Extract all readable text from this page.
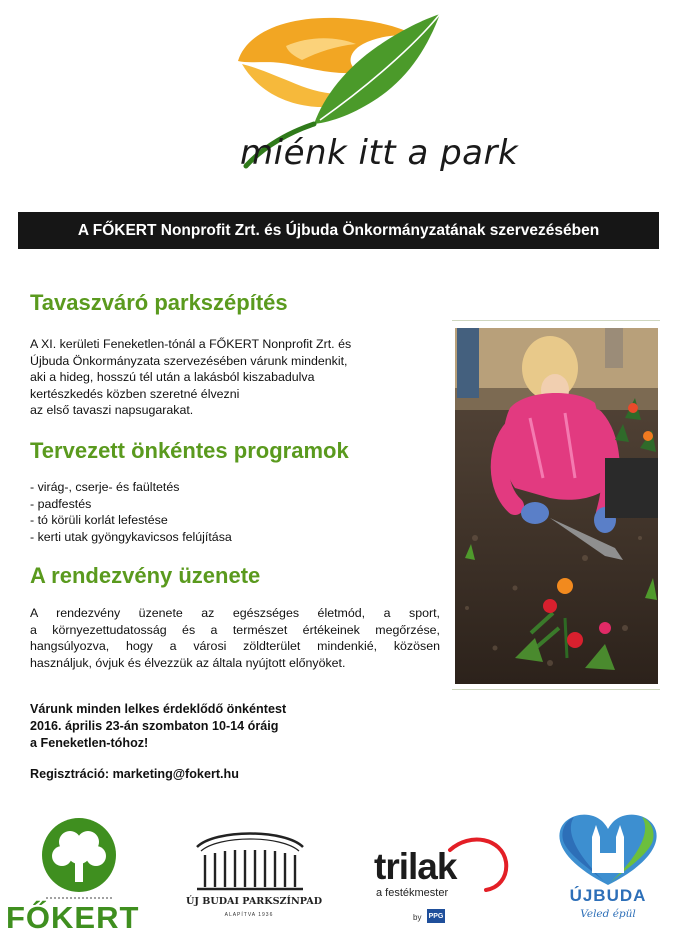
miénk itt a park
A FŐKERT Nonprofit Zrt. és Újbuda Önkormányzatának szervezésében
Tavaszváró parkszépítés
A XI. kerületi Feneketlen-tónál a FŐKERT Nonprofit Zrt. és
Újbuda Önkormányzata szervezésében várunk mindenkit,
aki a hideg, hosszú tél után a lakásból kiszabadulva
kertészkedés közben szeretné élvezni
az első tavaszi napsugarakat.
Tervezett önkéntes programok
- virág-, cserje- és faültetés
- padfestés
- tó körüli korlát lefestése
- kerti utak gyöngykavicsos felújítása
A rendezvény üzenete
A rendezvény üzenete az egészséges életmód, a sport,
a környezettudatosság és a természet értékeinek megőrzése,
hangsúlyozva, hogy a városi zöldterület mindenkié, közösen
használjuk, óvjuk és élvezzük az általa nyújtott előnyöket.
Várunk minden lelkes érdeklődő önkéntest
2016. április 23-án szombaton 10-14 óráig
a Feneketlen-tóhoz!
Regisztráció: marketing@fokert.hu
FŐKERT	ÚJ BUDAI PARKSZÍNPAD
ALAPÍTVA 1936
trilak
a festékmester
by PPG
ÚJBUDA
Veled épül
